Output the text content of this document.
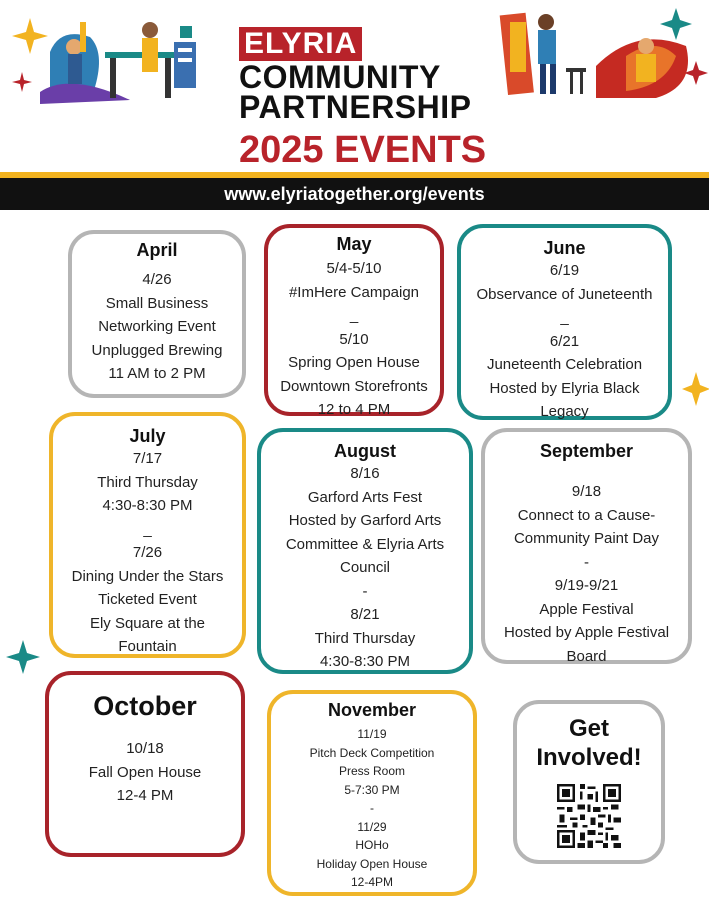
ELYRIA
COMMUNITY
PARTNERSHIP
2025 EVENTS
www.elyriatogether.org/events
April
4/26
Small Business
Networking Event
Unplugged Brewing
11 AM to 2 PM
May
5/4-5/10
#ImHere Campaign
_
5/10
Spring Open House
Downtown Storefronts
12 to 4 PM
June
6/19
Observance of Juneteenth
_
6/21
Juneteenth Celebration
Hosted by Elyria Black
Legacy
July
7/17
Third Thursday
4:30-8:30 PM
_
7/26
Dining Under the Stars
Ticketed Event
Ely Square at the
Fountain
August
8/16
Garford Arts Fest
Hosted by Garford Arts
Committee & Elyria Arts
Council
-
8/21
Third Thursday
4:30-8:30 PM
September
9/18
Connect to a Cause-
Community Paint Day
-
9/19-9/21
Apple Festival
Hosted by Apple Festival
Board
October
10/18
Fall Open House
12-4 PM
November
11/19
Pitch Deck Competition
Press Room
5-7:30 PM
-
11/29
HOHo
Holiday Open House
12-4PM
Get
Involved!
